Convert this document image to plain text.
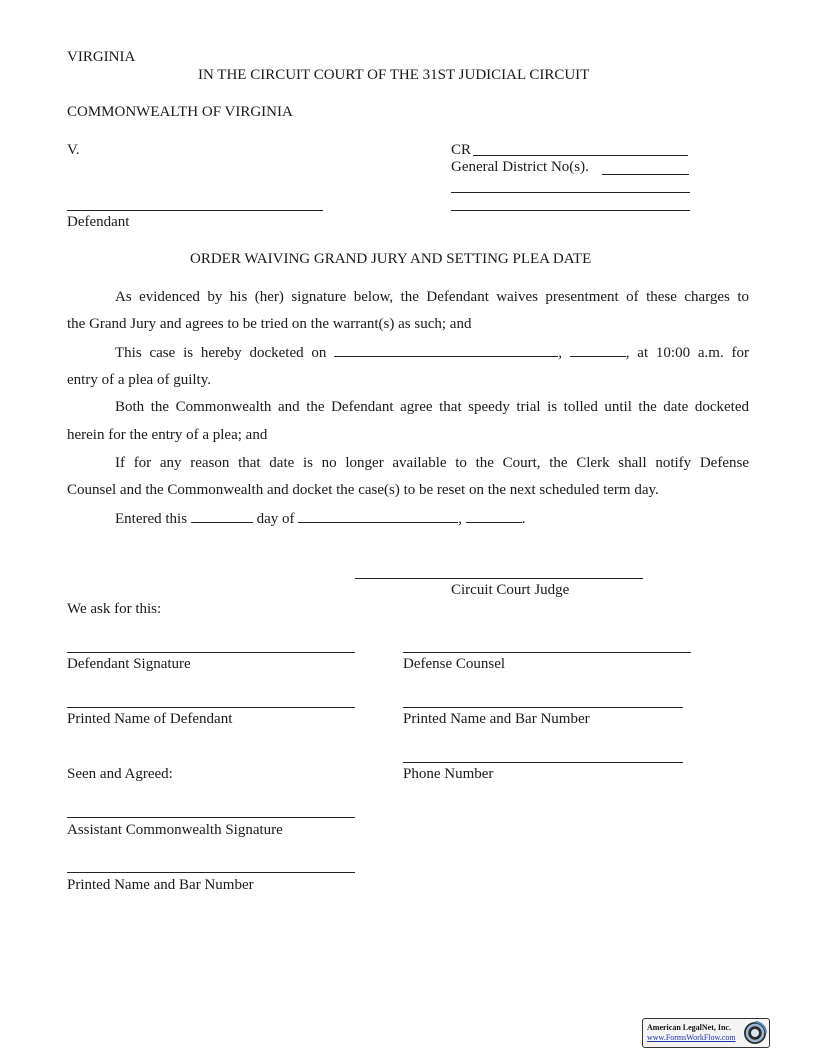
VIRGINIA
IN THE CIRCUIT COURT OF THE 31ST JUDICIAL CIRCUIT
COMMONWEALTH OF VIRGINIA
V.	CR
General District No(s).
Defendant
ORDER WAIVING GRAND JURY AND SETTING PLEA DATE
As evidenced by his (her) signature below, the Defendant waives presentment of these charges to
the Grand Jury and agrees to be tried on the warrant(s) as such; and
This case is hereby docketed on	,	, at 10:00 a.m. for
entry of a plea of guilty.
Both the Commonwealth and the Defendant agree that speedy trial is tolled until the date docketed
herein for the entry of a plea; and
If for any reason that date is no longer available to the Court, the Clerk shall notify Defense
Counsel and the Commonwealth and docket the case(s) to be reset on the next scheduled term day.
Entered this	day of	,	.
Circuit Court Judge
We ask for this:
Defendant Signature	Defense Counsel
Printed Name of Defendant	Printed Name and Bar Number
Seen and Agreed:	Phone Number
Assistant Commonwealth Signature
Printed Name and Bar Number
American LegalNet, Inc.
www.FormsWorkFlow.com
